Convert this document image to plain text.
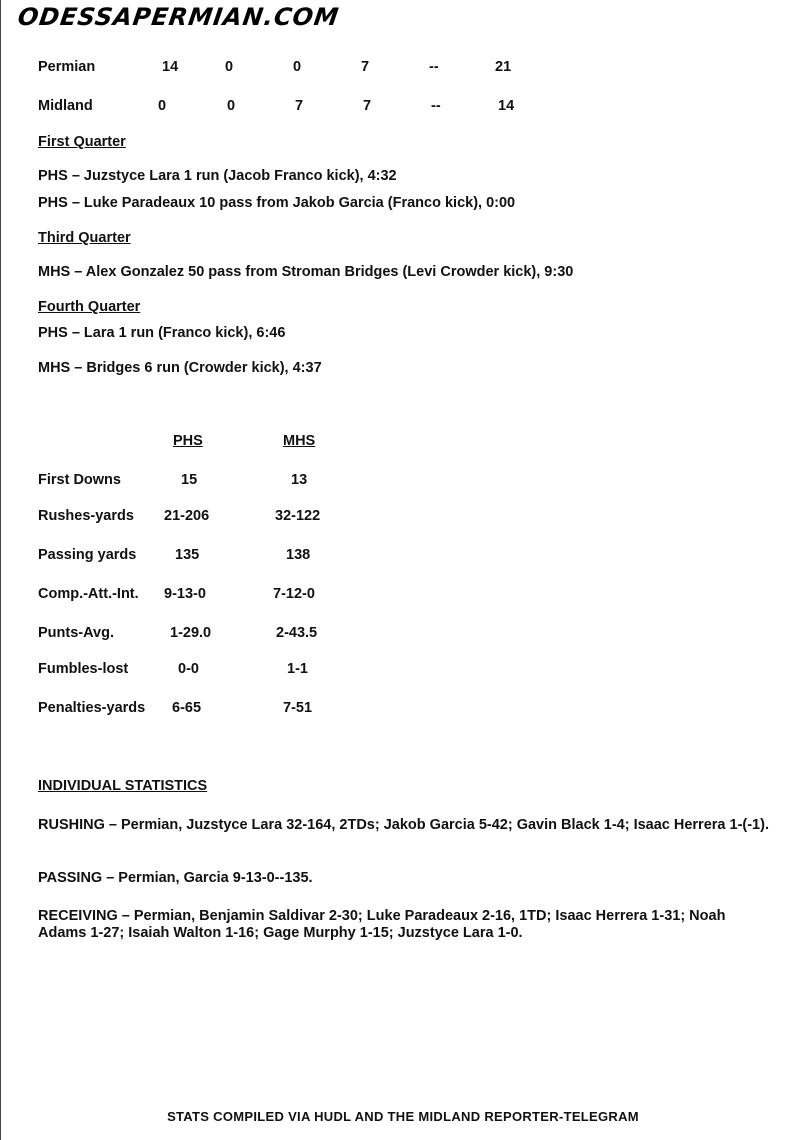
ODESSAPERMIAN.COM
Permian	14	0	0	7	--	21
Midland	0	0	7	7	--	14
First Quarter
PHS – Juzstyce Lara 1 run (Jacob Franco kick), 4:32
PHS – Luke Paradeaux 10 pass from Jakob Garcia (Franco kick), 0:00
Third Quarter
MHS – Alex Gonzalez 50 pass from Stroman Bridges (Levi Crowder kick), 9:30
Fourth Quarter
PHS – Lara 1 run (Franco kick), 6:46
MHS – Bridges 6 run (Crowder kick), 4:37
PHS	MHS
First Downs	15	13
Rushes-yards 21-206	32-122
Passing yards	135	138
Comp.-Att.-Int. 9-13-0	7-12-0
Punts-Avg.	1-29.0	2-43.5
Fumbles-lost	0-0	1-1
Penalties-yards 6-65	7-51
INDIVIDUAL STATISTICS
RUSHING – Permian, Juzstyce Lara 32-164, 2TDs; Jakob Garcia 5-42; Gavin Black 1-4; Isaac Herrera 1-(-1).
PASSING – Permian, Garcia 9-13-0--135.
RECEIVING – Permian, Benjamin Saldivar 2-30; Luke Paradeaux 2-16, 1TD; Isaac Herrera 1-31; Noah Adams 1-27; Isaiah Walton 1-16; Gage Murphy 1-15; Juzstyce Lara 1-0.
STATS COMPILED VIA HUDL AND THE MIDLAND REPORTER-TELEGRAM
